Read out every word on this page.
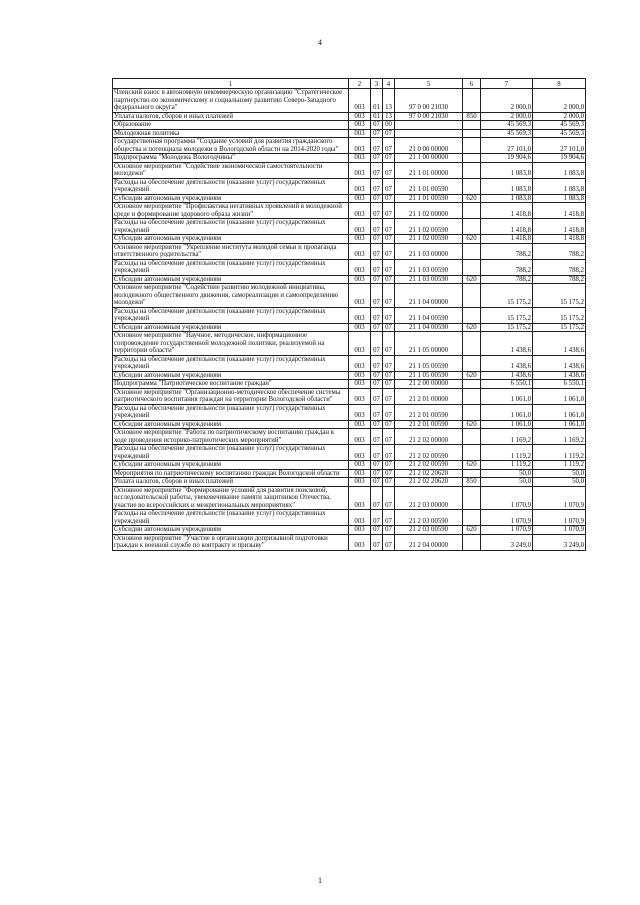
4
1	2	3	4	5	6	7	8
Членский взнос в автономную некоммерческую организацию "Стратегическое партнерство по экономическому и социальному развитию Северо-Западного федерального округа"	003	01	13	97 0 00 21030		2 000,0	2 000,0
Уплата налогов, сборов и иных платежей	003	01	13	97 0 00 21030	850	2 000,0	2 000,0
Образование	003	07	00			45 569,3	45 569,3
Молодежная политика	003	07	07			45 569,3	45 569,3
Государственная программа "Создание условий для развития гражданского общества и потенциала молодежи в Вологодской области на 2014-2020 годы"	003	07	07	21 0 00 00000		27 101,0	27 101,0
Подпрограмма "Молодежь Вологодчины"	003	07	07	21 1 00 00000		19 904,6	19 904,6
Основное мероприятие "Содействие экономической самостоятельности молодежи"	003	07	07	21 1 01 00000		1 083,8	1 083,8
Расходы на обеспечение деятельности (оказание услуг) государственных учреждений	003	07	07	21 1 01 00590		1 083,8	1 083,8
Субсидии автономным учреждениям	003	07	07	21 1 01 00590	620	1 083,8	1 083,8
Основное мероприятие "Профилактика негативных проявлений в молодежной среде и формирование здорового образа жизни"	003	07	07	21 1 02 00000		1 418,8	1 418,8
Расходы на обеспечение деятельности (оказание услуг) государственных учреждений	003	07	07	21 1 02 00590		1 418,8	1 418,8
Субсидии автономным учреждениям	003	07	07	21 1 02 00590	620	1 418,8	1 418,8
Основное мероприятие "Укрепление института молодой семьи и пропаганда ответственного родительства"	003	07	07	21 1 03 00000		788,2	788,2
Расходы на обеспечение деятельности (оказание услуг) государственных учреждений	003	07	07	21 1 03 00590		788,2	788,2
Субсидии автономным учреждениям	003	07	07	21 1 03 00590	620	788,2	788,2
Основное мероприятие "Содействие развитию молодежной инициативы, молодежного общественного движения, самореализации и самоопределению молодежи"	003	07	07	21 1 04 00000		15 175,2	15 175,2
Расходы на обеспечение деятельности (оказание услуг) государственных учреждений	003	07	07	21 1 04 00590		15 175,2	15 175,2
Субсидии автономным учреждениям	003	07	07	21 1 04 00590	620	15 175,2	15 175,2
Основное мероприятие "Научное, методическое, информационное сопровождение государственной молодежной политики, реализуемой на территории области"	003	07	07	21 1 05 00000		1 438,6	1 438,6
Расходы на обеспечение деятельности (оказание услуг) государственных учреждений	003	07	07	21 1 05 00590		1 438,6	1 438,6
Субсидии автономным учреждениям	003	07	07	21 1 05 00590	620	1 438,6	1 438,6
Подпрограмма "Патриотическое воспитание граждан"	003	07	07	21 2 00 00000		6 550,1	6 550,1
Основное мероприятие "Организационно-методическое обеспечение системы патриотического воспитания граждан на территории Вологодской области"	003	07	07	21 2 01 00000		1 061,0	1 061,0
Расходы на обеспечение деятельности (оказание услуг) государственных учреждений	003	07	07	21 2 01 00590		1 061,0	1 061,0
Субсидии автономным учреждениям	003	07	07	21 2 01 00590	620	1 061,0	1 061,0
Основное мероприятие "Работа по патриотическому воспитанию граждан в ходе проведения историко-патриотических мероприятий"	003	07	07	21 2 02 00000		1 169,2	1 169,2
Расходы на обеспечение деятельности (оказание услуг) государственных учреждений	003	07	07	21 2 02 00590		1 119,2	1 119,2
Субсидии автономным учреждениям	003	07	07	21 2 02 00590	620	1 119,2	1 119,2
Мероприятия по патриотическому воспитанию граждан Вологодской области	003	07	07	21 2 02 20620		50,0	50,0
Уплата налогов, сборов и иных платежей	003	07	07	21 2 02 20620	850	50,0	50,0
Основное мероприятие "Формирование условий для развития поисковой, исследовательской работы, увековечивание памяти защитников Отечества, участие во всероссийских и межрегиональных мероприятиях"	003	07	07	21 2 03 00000		1 070,9	1 070,9
Расходы на обеспечение деятельности (оказание услуг) государственных учреждений	003	07	07	21 2 03 00590		1 070,9	1 070,9
Субсидии автономным учреждениям	003	07	07	21 2 03 00590	620	1 070,9	1 070,9
Основное мероприятие "Участие в организации допризывной подготовки граждан к военной службе по контракту и призыву"	003	07	07	21 2 04 00000		3 249,0	3 249,0
1
